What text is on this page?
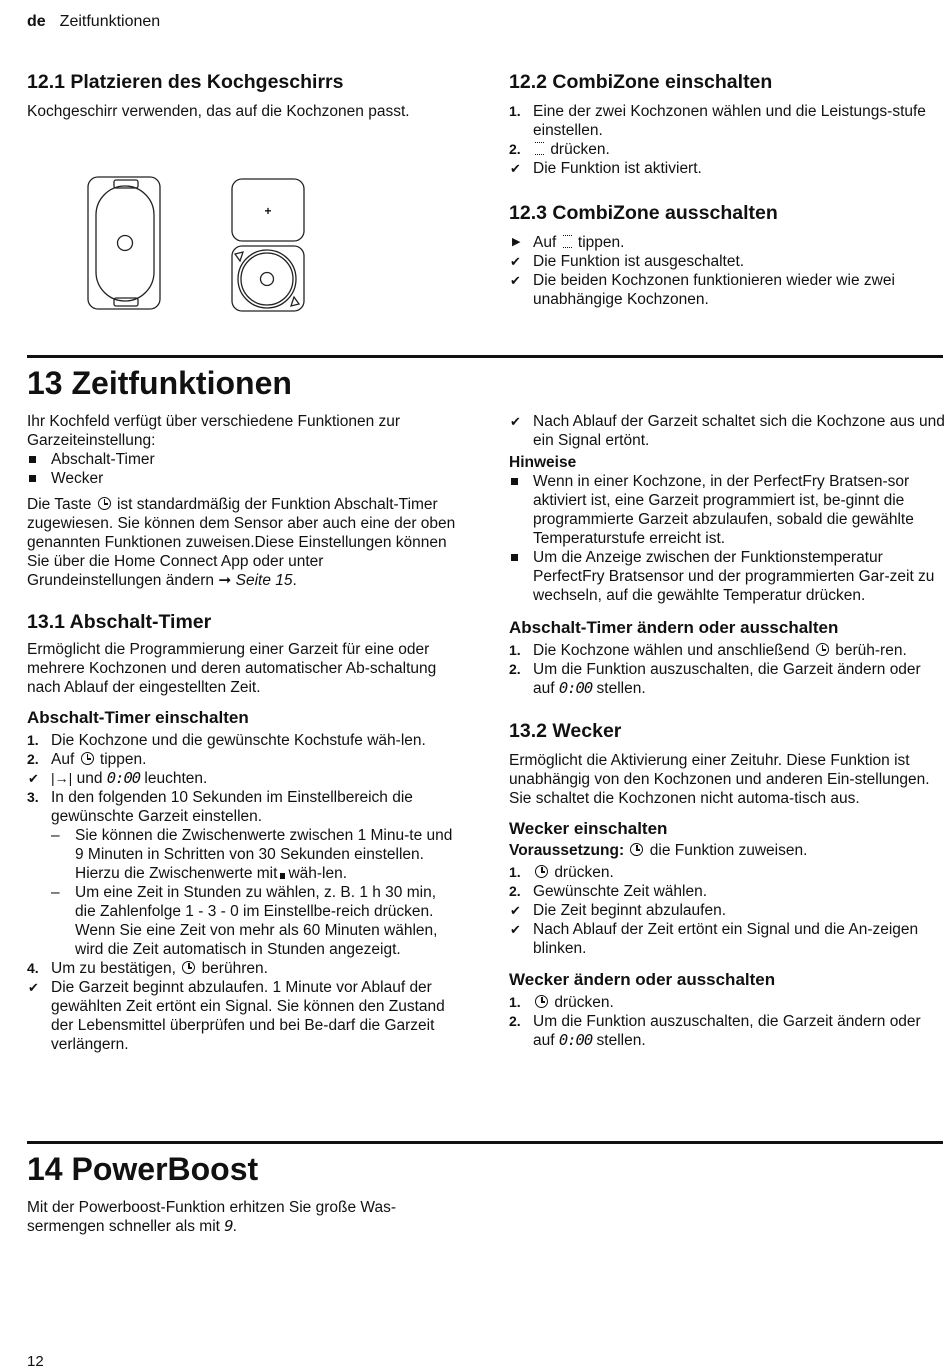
de Zeitfunktionen
12.1 Platzieren des Kochgeschirrs

Kochgeschirr verwenden, das auf die Kochzonen passt.

+
12.2 CombiZone einschalten
1. Eine der zwei Kochzonen wählen und die Leistungs-stufe einstellen.
2. drücken.
✔ Die Funktion ist aktiviert.
12.3 CombiZone ausschalten
▶ Auf tippen.
✔ Die Funktion ist ausgeschaltet.
✔ Die beiden Kochzonen funktionieren wieder wie zwei unabhängige Kochzonen.
13 Zeitfunktionen

Ihr Kochfeld verfügt über verschiedene Funktionen zur Garzeiteinstellung:

Abschalt-Timer
Wecker

Die Taste ist standardmäßig der Funktion Abschalt-Timer zugewiesen. Sie können dem Sensor aber auch eine der oben genannten Funktionen zuweisen.Diese Einstellungen können Sie über die Home Connect App oder unter Grundeinstellungen ändern ➞ Seite 15.

13.1 Abschalt-Timer

Ermöglicht die Programmierung einer Garzeit für eine oder mehrere Kochzonen und deren automatischer Ab-schaltung nach Ablauf der eingestellten Zeit.

Abschalt-Timer einschalten
1. Die Kochzone und die gewünschte Kochstufe wäh-len.
2. Auf tippen.
✔ |→| und 0:00 leuchten.
3. In den folgenden 10 Sekunden im Einstellbereich die gewünschte Garzeit einstellen.
– Sie können die Zwischenwerte zwischen 1 Minu-te und 9 Minuten in Schritten von 30 Sekunden einstellen. Hierzu die Zwischenwerte mit wäh-len.
– Um eine Zeit in Stunden zu wählen, z. B. 1 h 30 min, die Zahlenfolge 1 - 3 - 0 im Einstellbe-reich drücken. Wenn Sie eine Zeit von mehr als 60 Minuten wählen, wird die Zeit automatisch in Stunden angezeigt.
4. Um zu bestätigen, berühren.
✔ Die Garzeit beginnt abzulaufen. 1 Minute vor Ablauf der gewählten Zeit ertönt ein Signal. Sie können den Zustand der Lebensmittel überprüfen und bei Be-darf die Garzeit verlängern.
✔ Nach Ablauf der Garzeit schaltet sich die Kochzone aus und ein Signal ertönt.

Hinweise

Wenn in einer Kochzone, in der PerfectFry Bratsen-sor aktiviert ist, eine Garzeit programmiert ist, be-ginnt die programmierte Garzeit abzulaufen, sobald die gewählte Temperaturstufe erreicht ist.
Um die Anzeige zwischen der Funktionstemperatur PerfectFry Bratsensor und der programmierten Gar-zeit zu wechseln, auf die gewählte Temperatur drücken.
Abschalt-Timer ändern oder ausschalten
1. Die Kochzone wählen und anschließend berüh-ren.
2. Um die Funktion auszuschalten, die Garzeit ändern oder auf 0:00 stellen.
13.2 Wecker

Ermöglicht die Aktivierung einer Zeituhr. Diese Funktion ist unabhängig von den Kochzonen und anderen Ein-stellungen. Sie schaltet die Kochzonen nicht automa-tisch aus.

Wecker einschalten

Voraussetzung: die Funktion zuweisen.

1. drücken.
2. Gewünschte Zeit wählen.
✔ Die Zeit beginnt abzulaufen.
✔ Nach Ablauf der Zeit ertönt ein Signal und die An-zeigen blinken.
Wecker ändern oder ausschalten
1. drücken.
2. Um die Funktion auszuschalten, die Garzeit ändern oder auf 0:00 stellen.
14 PowerBoost

Mit der Powerboost-Funktion erhitzen Sie große Was-sermengen schneller als mit 9.

12
